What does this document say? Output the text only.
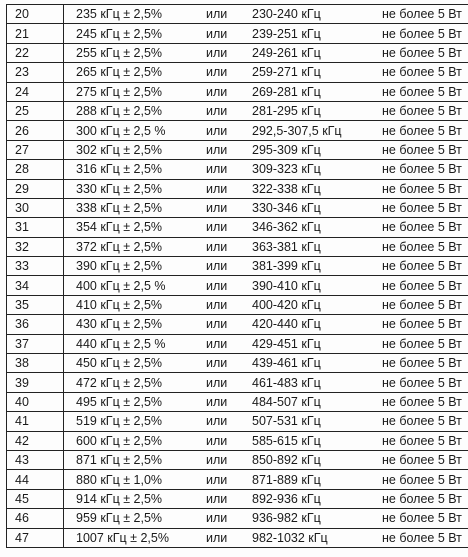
20	235 кГц ± 2,5%	или	230-240 кГц	не более 5 Вт
21	245 кГц ± 2,5%	или	239-251 кГц	не более 5 Вт
22	255 кГц ± 2,5%	или	249-261 кГц	не более 5 Вт
23	265 кГц ± 2,5%	или	259-271 кГц	не более 5 Вт
24	275 кГц ± 2,5%	или	269-281 кГц	не более 5 Вт
25	288 кГц ± 2,5%	или	281-295 кГц	не более 5 Вт
26	300 кГц ± 2,5 %	или	292,5-307,5 кГц	не более 5 Вт
27	302 кГц ± 2,5%	или	295-309 кГц	не более 5 Вт
28	316 кГц ± 2,5%	или	309-323 кГц	не более 5 Вт
29	330 кГц ± 2,5%	или	322-338 кГц	не более 5 Вт
30	338 кГц ± 2,5%	или	330-346 кГц	не более 5 Вт
31	354 кГц ± 2,5%	или	346-362 кГц	не более 5 Вт
32	372 кГц ± 2,5%	или	363-381 кГц	не более 5 Вт
33	390 кГц ± 2,5%	или	381-399 кГц	не более 5 Вт
34	400 кГц ± 2,5 %	или	390-410 кГц	не более 5 Вт
35	410 кГц ± 2,5%	или	400-420 кГц	не более 5 Вт
36	430 кГц ± 2,5%	или	420-440 кГц	не более 5 Вт
37	440 кГц ± 2,5 %	или	429-451 кГц	не более 5 Вт
38	450 кГц ± 2,5%	или	439-461 кГц	не более 5 Вт
39	472 кГц ± 2,5%	или	461-483 кГц	не более 5 Вт
40	495 кГц ± 2,5%	или	484-507 кГц	не более 5 Вт
41	519 кГц ± 2,5%	или	507-531 кГц	не более 5 Вт
42	600 кГц ± 2,5%	или	585-615 кГц	не более 5 Вт
43	871 кГц ± 2,5%	или	850-892 кГц	не более 5 Вт
44	880 кГц ± 1,0%	или	871-889 кГц	не более 5 Вт
45	914 кГц ± 2,5%	или	892-936 кГц	не более 5 Вт
46	959 кГц ± 2,5%	или	936-982 кГц	не более 5 Вт
47	1007 кГц ± 2,5%	или	982-1032 кГц	не более 5 Вт
